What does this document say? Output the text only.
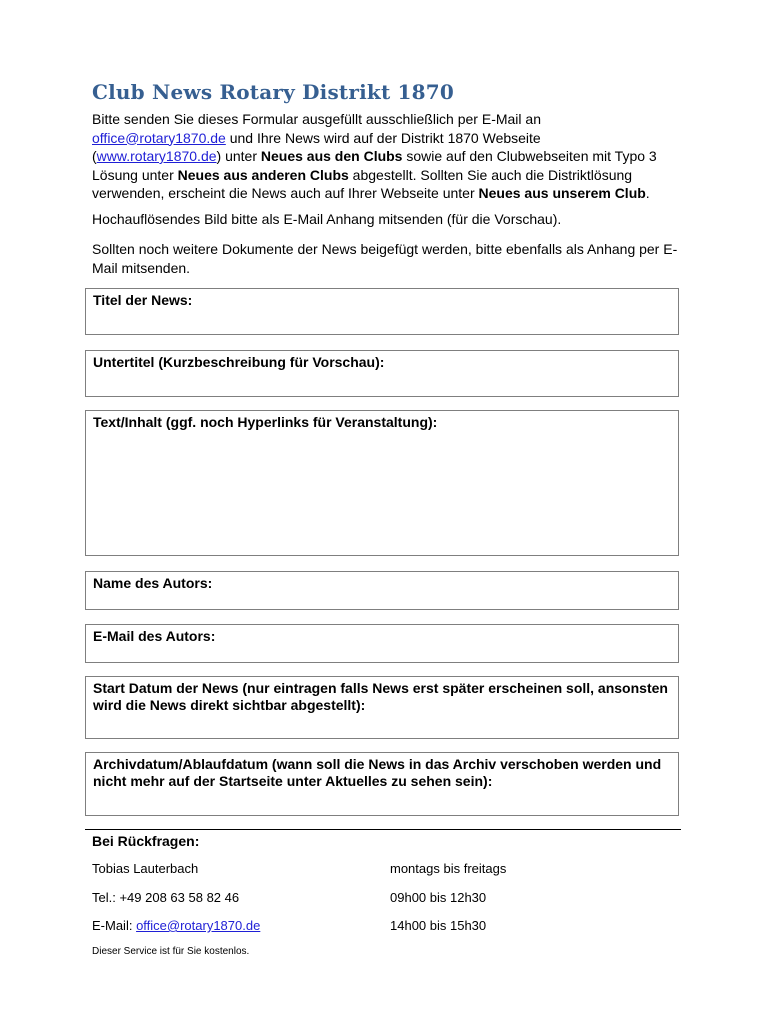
Club News Rotary Distrikt 1870

Bitte senden Sie dieses Formular ausgefüllt ausschließlich per E-Mail an
office@rotary1870.de und Ihre News wird auf der Distrikt 1870 Webseite
(www.rotary1870.de) unter Neues aus den Clubs sowie auf den Clubwebseiten mit Typo 3 Lösung unter Neues aus anderen Clubs abgestellt. Sollten Sie auch die Distriktlösung verwenden, erscheint die News auch auf Ihrer Webseite unter Neues aus unserem Club.

Hochauflösendes Bild bitte als E-Mail Anhang mitsenden (für die Vorschau).

Sollten noch weitere Dokumente der News beigefügt werden, bitte ebenfalls als Anhang per E-Mail mitsenden.

Titel der News:
Untertitel (Kurzbeschreibung für Vorschau):
Text/Inhalt (ggf. noch Hyperlinks für Veranstaltung):
Name des Autors:
E-Mail des Autors:
Start Datum der News (nur eintragen falls News erst später erscheinen soll, ansonsten wird die News direkt sichtbar abgestellt):
Archivdatum/Ablaufdatum (wann soll die News in das Archiv verschoben werden und nicht mehr auf der Startseite unter Aktuelles zu sehen sein):
Bei Rückfragen:
Tobias Lauterbach	montags bis freitags
Tel.: +49 208 63 58 82 46	09h00 bis 12h30
E-Mail: office@rotary1870.de	14h00 bis 15h30
Dieser Service ist für Sie kostenlos.
